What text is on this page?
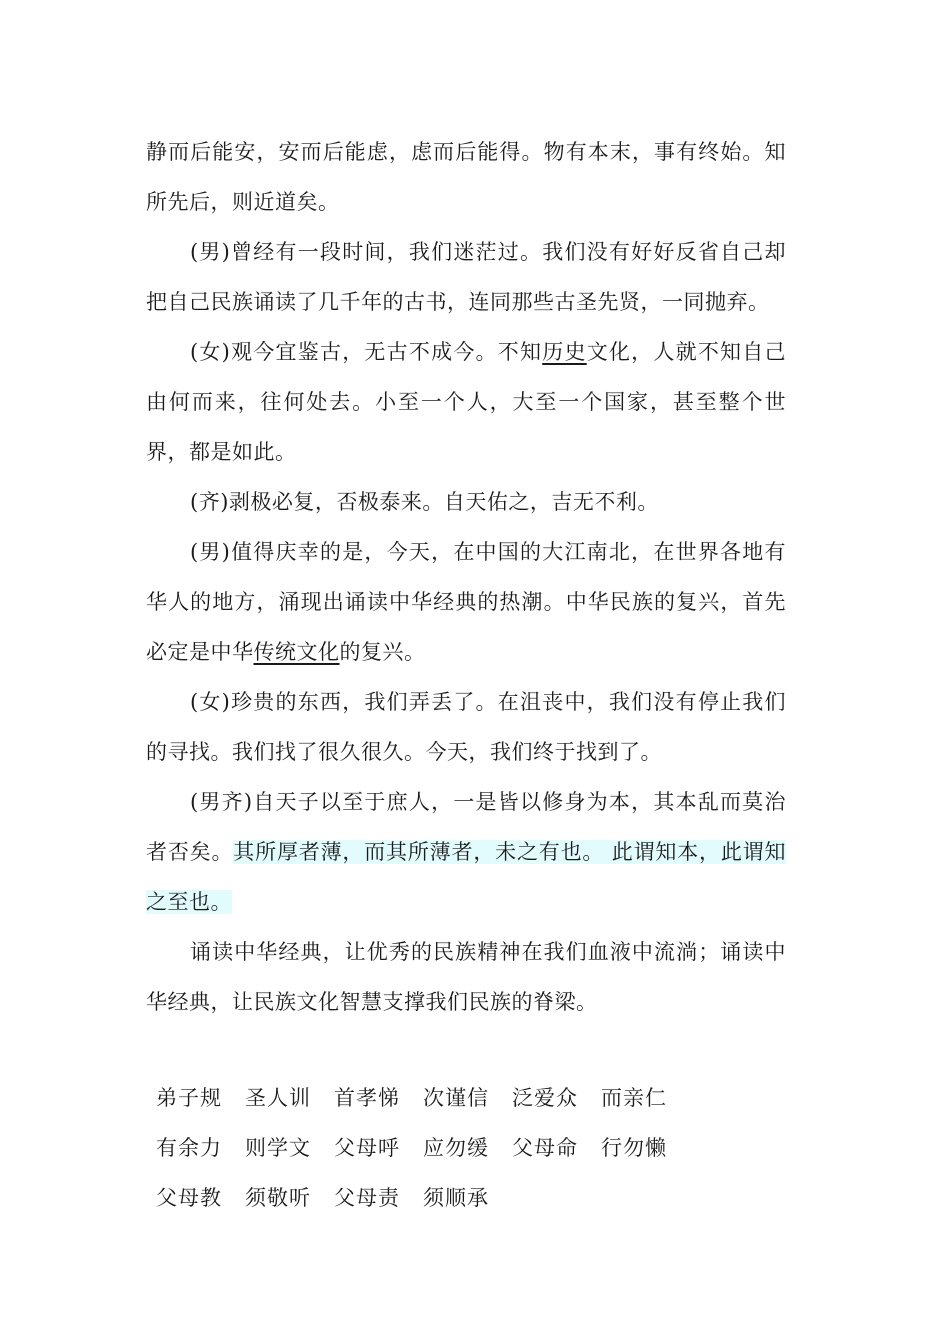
静而后能安，安而后能虑，虑而后能得。物有本末，事有终始。知所先后，则近道矣。

(男)曾经有一段时间，我们迷茫过。我们没有好好反省自己却把自己民族诵读了几千年的古书，连同那些古圣先贤，一同抛弃。

(女)观今宜鉴古，无古不成今。不知历史文化，人就不知自己由何而来，往何处去。小至一个人，大至一个国家，甚至整个世界，都是如此。

(齐)剥极必复，否极泰来。自天佑之，吉无不利。

(男)值得庆幸的是，今天，在中国的大江南北，在世界各地有华人的地方，涌现出诵读中华经典的热潮。中华民族的复兴，首先必定是中华传统文化的复兴。

(女)珍贵的东西，我们弄丢了。在沮丧中，我们没有停止我们的寻找。我们找了很久很久。今天，我们终于找到了。

(男齐)自天子以至于庶人，一是皆以修身为本，其本乱而莫治者否矣。其所厚者薄，而其所薄者，未之有也。 此谓知本，此谓知之至也。

诵读中华经典，让优秀的民族精神在我们血液中流淌；诵读中华经典，让民族文化智慧支撑我们民族的脊梁。

弟子规	圣人训	首孝悌	次谨信	泛爱众	而亲仁
有余力	则学文	父母呼	应勿缓	父母命	行勿懒
父母教	须敬听	父母责	须顺承
